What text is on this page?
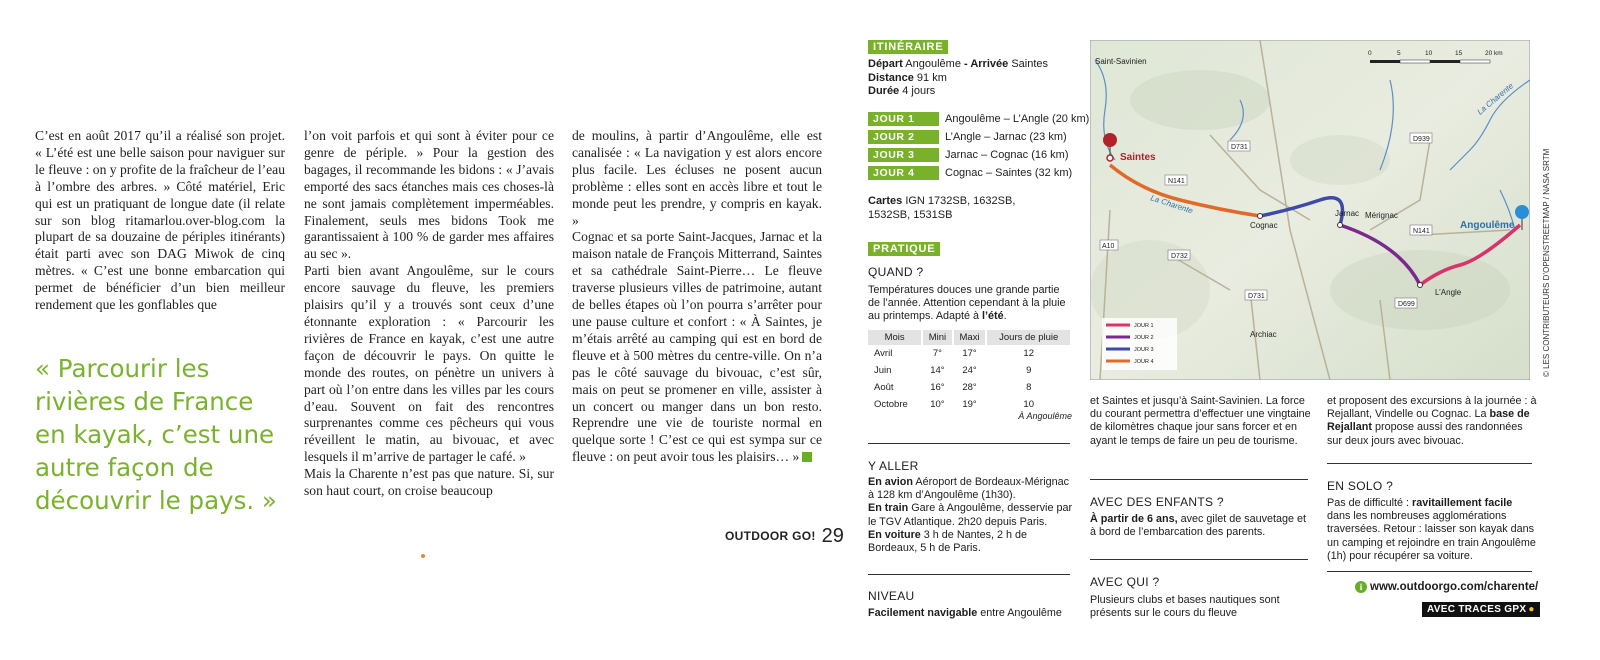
C’est en août 2017 qu’il a réalisé son projet. « L’été est une belle saison pour naviguer sur le fleuve : on y profite de la fraîcheur de l’eau à l’ombre des arbres. » Côté matériel, Eric qui est un pratiquant de longue date (il relate sur son blog ritamarlou.over-blog.com la plupart de sa douzaine de périples itinérants) était parti avec son DAG Miwok de cinq mètres. « C’est une bonne embarcation qui permet de bénéficier d’un bien meilleur rendement que les gonflables que

l’on voit parfois et qui sont à éviter pour ce genre de périple. » Pour la gestion des bagages, il recommande les bidons : « J’avais emporté des sacs étanches mais ces choses-là ne sont jamais complètement imperméables. Finalement, seuls mes bidons Took me garantissaient à 100 % de garder mes affaires au sec ».

Parti bien avant Angoulême, sur le cours encore sauvage du fleuve, les premiers plaisirs qu’il y a trouvés sont ceux d’une étonnante exploration : « Parcourir les rivières de France en kayak, c’est une autre façon de découvrir le pays. On quitte le monde des routes, on pénètre un univers à part où l’on entre dans les villes par les cours d’eau. Souvent on fait des rencontres surprenantes comme ces pêcheurs qui vous réveillent le matin, au bivouac, et avec lesquels il m’arrive de partager le café. »

Mais la Charente n’est pas que nature. Si, sur son haut court, on croise beaucoup

de moulins, à partir d’Angoulême, elle est canalisée : « La navigation y est alors encore plus facile. Les écluses ne posent aucun problème : elles sont en accès libre et tout le monde peut les prendre, y compris en kayak. »

Cognac et sa porte Saint-Jacques, Jarnac et la maison natale de François Mitterrand, Saintes et sa cathédrale Saint-Pierre… Le fleuve traverse plusieurs villes de patrimoine, autant de belles étapes où l’on pourra s’arrêter pour une pause culture et confort : « À Saintes, je m’étais arrêté au camping qui est en bord de fleuve et à 500 mètres du centre-ville. On n’a pas le côté sauvage du bivouac, c’est sûr, mais on peut se promener en ville, assister à un concert ou manger dans un bon resto. Reprendre une vie de touriste normal en quelque sorte ! C’est ce qui est sympa sur ce fleuve : on peut avoir tous les plaisirs… »

« Parcourir les rivières de France en kayak, c’est une autre façon de découvrir le pays. »
OUTDOOR GO! 29
ITINÉRAIRE
Départ Angoulême - Arrivée Saintes
Distance 91 km
Durée 4 jours
JOUR 1	Angoulême – L’Angle (20 km)
JOUR 2	L’Angle – Jarnac (23 km)
JOUR 3	Jarnac – Cognac (16 km)
JOUR 4	Cognac – Saintes (32 km)
Cartes IGN 1732SB, 1632SB, 1532SB, 1531SB
PRATIQUE
QUAND ?
Températures douces une grande partie de l’année. Attention cependant à la pluie au printemps. Adapté à l’été.
Mois	Mini	Maxi	Jours de pluie
Avril	7°	17°	12
Juin	14°	24°	9
Août	16°	28°	8
Octobre	10°	19°	10
À Angoulême
Y ALLER
En avion Aéroport de Bordeaux-Mérignac à 128 km d’Angoulême (1h30).
En train Gare à Angoulême, desservie par le TGV Atlantique. 2h20 depuis Paris.
En voiture 3 h de Nantes, 2 h de Bordeaux, 5 h de Paris.
NIVEAU
Facilement navigable entre Angoulême
et Saintes et jusqu’à Saint-Savinien. La force du courant permettra d’effectuer une vingtaine de kilomètres chaque jour sans forcer et en ayant le temps de faire un peu de tourisme.
AVEC DES ENFANTS ?
À partir de 6 ans, avec gilet de sauvetage et à bord de l’embarcation des parents.
AVEC QUI ?
Plusieurs clubs et bases nautiques sont présents sur le cours du fleuve
et proposent des excursions à la journée : à Rejallant, Vindelle ou Cognac. La base de Rejallant propose aussi des randonnées sur deux jours avec bivouac.
EN SOLO ?
Pas de difficulté : ravitaillement facile dans les nombreuses agglomérations traversées. Retour : laisser son kayak dans un camping et rejoindre en train Angoulême (1h) pour récupérer sa voiture.
i www.outdoorgo.com/charente/
AVEC TRACES GPX ●
Saint-Savinien
Saintes
Cognac
Jarnac Mérignac
Angoulême
L’Angle
Archiac
La Charente
La Charente
D731
D939
N141
N141
A10
D732
D731
D699
0	5	10	15	20 km
JOUR 1
JOUR 2
JOUR 3
JOUR 4	© LES CONTRIBUTEURS D’OPENSTREETMAP / NASA SRTM
